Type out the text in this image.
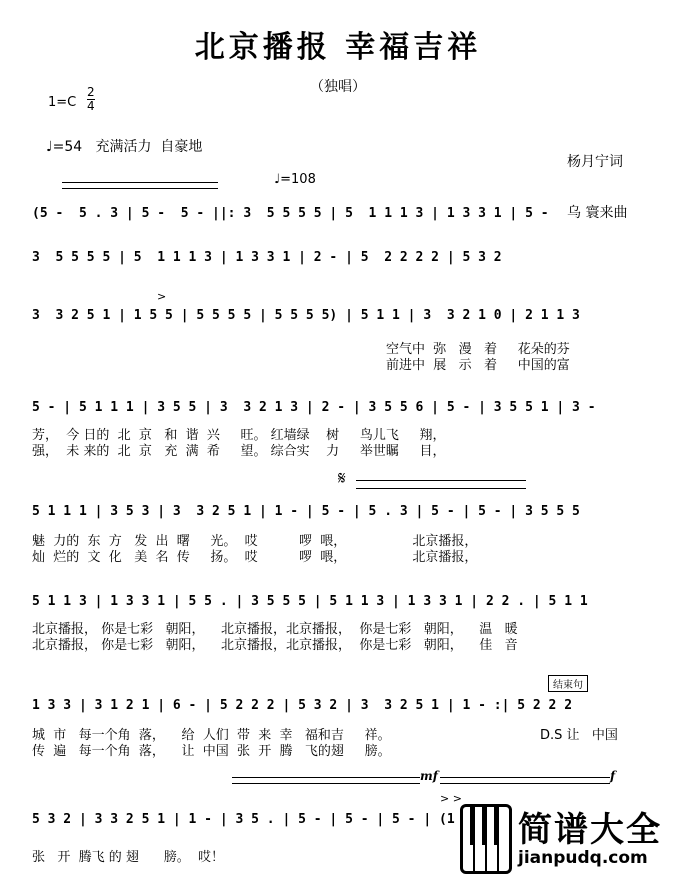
北京播报 幸福吉祥
（独唱）
$1=C \frac{2}{4}$
♩=54   充满活力  自豪地

杨月宁词

乌 寰来曲

♩=108
(5 -  5 . 3 | 5 -  5 - ||: 3  5 5 5 5 | 5  1 1 1 3 | 1 3 3 1 | 5 -
3  5 5 5 5 | 5  1 1 1 3 | 1 3 3 1 | 2 - | 5  2 2 2 2 | 5 3 2
>
3  3 2 5 1 | 1 5 5 | 5 5 5 5 | 5 5 5 5) | 5 1 1 | 3  3 2 1 0 | 2 1 1 3
空气中  弥   漫   着     花朵的芬
前进中  展   示   着     中国的富
5 - | 5 1 1 1 | 3 5 5 | 3  3 2 1 3 | 2 - | 3 5 5 6 | 5 - | 3 5 5 1 | 3 -
芳，  今 日的  北  京   和  谐  兴     旺。 红墙绿    树     鸟儿飞     翔，
强，  未 来的  北  京   充  满  希     望。 综合实    力     举世瞩     目，
𝄋
5 1 1 1 | 3 5 3 | 3  3 2 5 1 | 1 - | 5 - | 5 . 3 | 5 - | 5 - | 3 5 5 5
魅  力的  东  方   发  出  曙     光。  哎          啰  喂，                北京播报，
灿  烂的  文  化   美  名  传     扬。  哎          啰  喂，                北京播报，
5 1 1 3 | 1 3 3 1 | 5 5 . | 3 5 5 5 | 5 1 1 3 | 1 3 3 1 | 2 2 . | 5 1 1
北京播报， 你是七彩   朝阳，    北京播报，北京播报，  你是七彩   朝阳，    温   暖
北京播报， 你是七彩   朝阳，    北京播报，北京播报，  你是七彩   朝阳，    佳   音
结束句
1 3 3 | 3 1 2 1 | 6 - | 5 2 2 2 | 5 3 2 | 3  3 2 5 1 | 1 - :| 5 2 2 2
城  市   每一个角  落，    给  人们  带  来  幸   福和吉     祥。
传  遍   每一个角  落，    让  中国  张  开  腾   飞的翅     膀。
D.S 让   中国
mf	f
> >
5 3 2 | 3 3 2 5 1 | 1 - | 3 5 . | 5 - | 5 - | 5 - | (1
张   开  腾飞 的 翅      膀。  哎！
简谱大全
jianpudq.com
